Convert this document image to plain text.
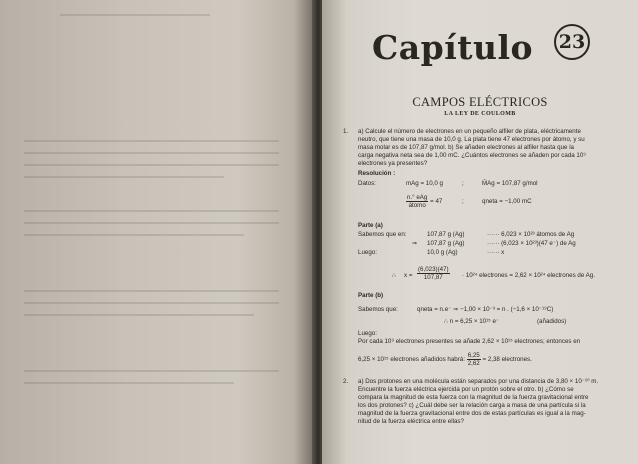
Capítulo 23
CAMPOS ELÉCTRICOS
LA LEY DE COULOMB
1. a) Calcule el número de electrones en un pequeño alfiler de plata, eléctricamente
neutro, que tiene una masa de 10,0 g. La plata tiene 47 electrones por átomo, y su
masa molar es de 107,87 g/mol. b) Se añaden electrones al alfiler hasta que la
carga negativa neta sea de 1,00 mC. ¿Cuántos electrones se añaden por cada 10⁹
electrones ya presentes?
Resolución :
Datos:	mAg = 10,0 g	;	M̄Ag = 107,87 g/mol
$\frac{\text{n.° eAg}}{\text{átomo}} = 47$	;	qneta = −1,00 mC
Parte (a)
Sabemos que en:	107,87 g (Ag)	······ 6,023 × 10²³ átomos de Ag
⇒ 107,87 g (Ag)	······ (6,023 × 10²³)(47 e⁻) de Ag
Luego:	10,0 g (Ag)	······ x
∴ $x = \frac{(6,023)(47)}{107,87} \cdot 10^{24}$ electrones = 2,62 × 10²⁴ electrones de Ag.
Parte (b)
Sabemos que:	qneta = n.e⁻ ⇒ −1,00 × 10⁻³ = n . (−1,6 × 10⁻¹⁹C)
∴ n = 6,25 × 10¹⁵ e⁻	(añadidos)
Luego:
Por cada 10⁹ electrones presentes se añade 2,62 × 10¹⁵ electrones; entonces en
6,25 × 10¹⁵ electrones añadidos habrá: $\frac{6,25}{2,62} = 2,38$ electrones.
2. a) Dos protones en una molécula están separados por una distancia de 3,80 × 10⁻¹⁰ m.
Encuentre la fuerza eléctrica ejercida por un protón sobre el otro. b) ¿Cómo se
compara la magnitud de esta fuerza con la magnitud de la fuerza gravitacional entre
los dos protones? c) ¿Cuál debe ser la relación carga a masa de una partícula si la
magnitud de la fuerza gravitacional entre dos de estas partículas es igual a la mag-
nitud de la fuerza eléctrica entre ellas?
